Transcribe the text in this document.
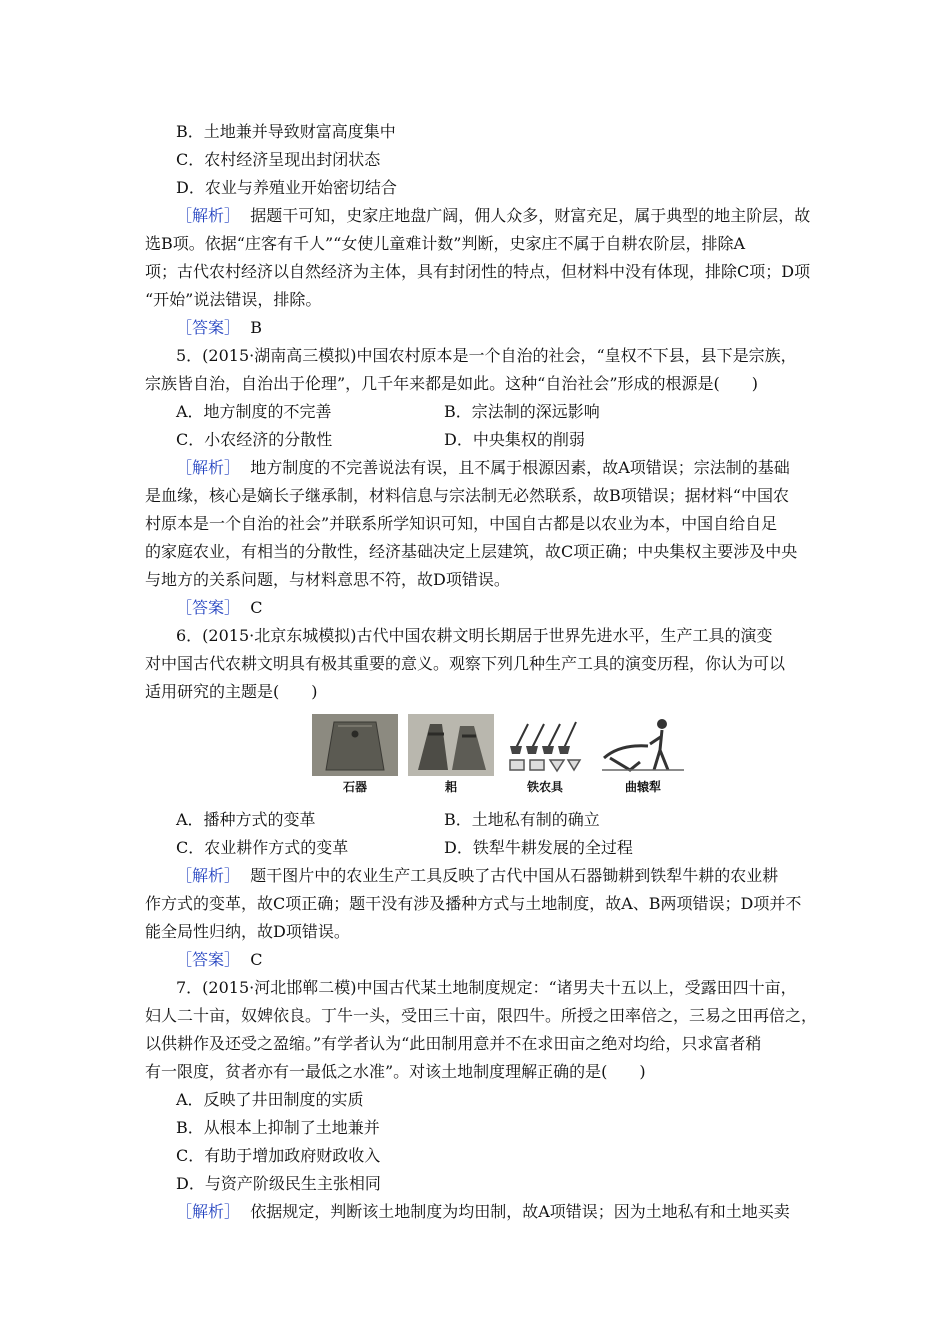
B．土地兼并导致财富高度集中
C．农村经济呈现出封闭状态
D．农业与养殖业开始密切结合
［解析］ 据题干可知，史家庄地盘广阔，佣人众多，财富充足，属于典型的地主阶层，故
选B项。依据“庄客有千人”“女使儿童难计数”判断，史家庄不属于自耕农阶层，排除A
项；古代农村经济以自然经济为主体，具有封闭性的特点，但材料中没有体现，排除C项；D项
“开始”说法错误，排除。
［答案］ B
5．(2015·湖南高三模拟)中国农村原本是一个自治的社会，“皇权不下县，县下是宗族，
宗族皆自治，自治出于伦理”，几千年来都是如此。这种“自治社会”形成的根源是(　　)
A．地方制度的不完善	B．宗法制的深远影响
C．小农经济的分散性	D．中央集权的削弱
［解析］ 地方制度的不完善说法有误，且不属于根源因素，故A项错误；宗法制的基础
是血缘，核心是嫡长子继承制，材料信息与宗法制无必然联系，故B项错误；据材料“中国农
村原本是一个自治的社会”并联系所学知识可知，中国自古都是以农业为本，中国自给自足
的家庭农业，有相当的分散性，经济基础决定上层建筑，故C项正确；中央集权主要涉及中央
与地方的关系问题，与材料意思不符，故D项错误。
［答案］ C
6．(2015·北京东城模拟)古代中国农耕文明长期居于世界先进水平，生产工具的演变
对中国古代农耕文明具有极其重要的意义。观察下列几种生产工具的演变历程，你认为可以
适用研究的主题是(　　)
石器	耜	铁农具	曲辕犁
A．播种方式的变革	B．土地私有制的确立
C．农业耕作方式的变革	D．铁犁牛耕发展的全过程
［解析］ 题干图片中的农业生产工具反映了古代中国从石器锄耕到铁犁牛耕的农业耕
作方式的变革，故C项正确；题干没有涉及播种方式与土地制度，故A、B两项错误；D项并不
能全局性归纳，故D项错误。
［答案］ C
7．(2015·河北邯郸二模)中国古代某土地制度规定：“诸男夫十五以上，受露田四十亩，
妇人二十亩，奴婢依良。丁牛一头，受田三十亩，限四牛。所授之田率倍之，三易之田再倍之，
以供耕作及还受之盈缩。”有学者认为“此田制用意并不在求田亩之绝对均给，只求富者稍
有一限度，贫者亦有一最低之水准”。对该土地制度理解正确的是(　　)
A．反映了井田制度的实质
B．从根本上抑制了土地兼并
C．有助于增加政府财政收入
D．与资产阶级民生主张相同
［解析］ 依据规定，判断该土地制度为均田制，故A项错误；因为土地私有和土地买卖
